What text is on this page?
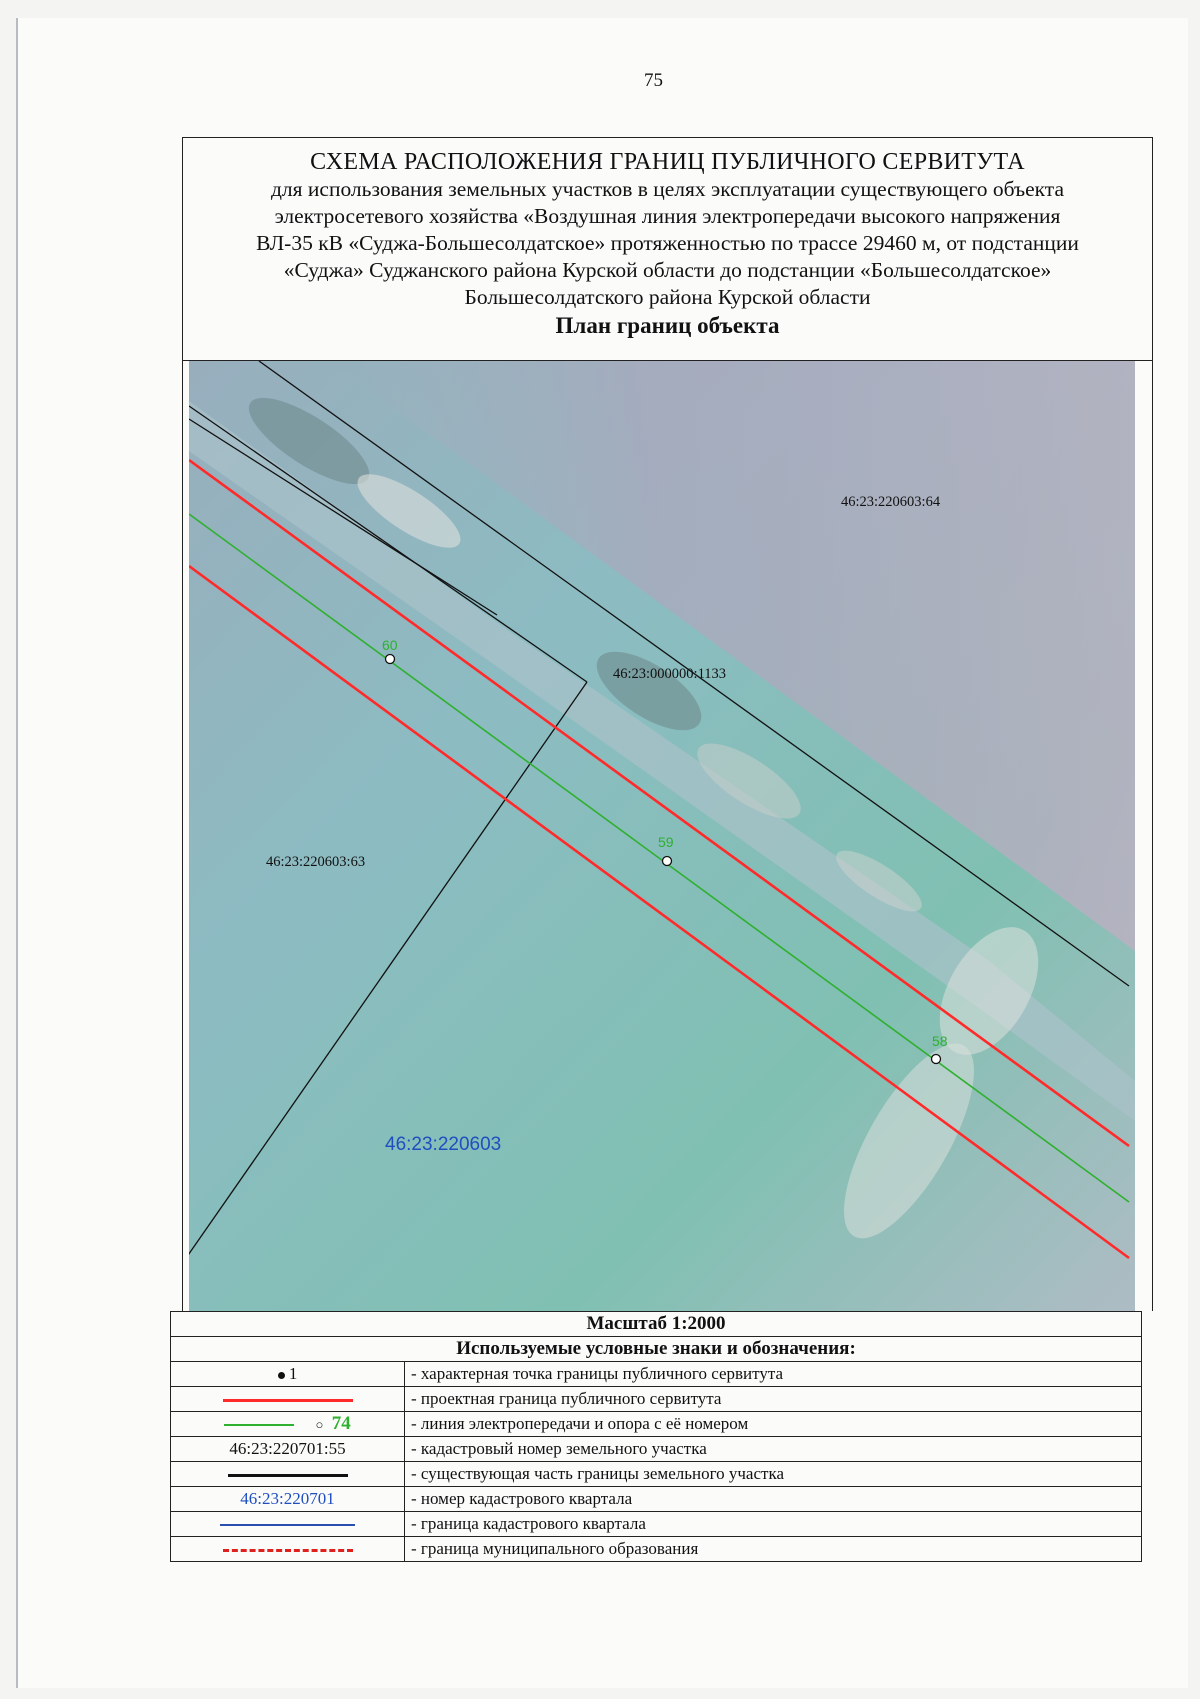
75
СХЕМА РАСПОЛОЖЕНИЯ ГРАНИЦ ПУБЛИЧНОГО СЕРВИТУТА
для использования земельных участков в целях эксплуатации существующего объекта
электросетевого хозяйства «Воздушная линия электропередачи высокого напряжения
ВЛ-35 кВ «Суджа-Большесолдатское» протяженностью по трассе 29460 м, от подстанции
«Суджа» Суджанского района Курской области до подстанции «Большесолдатское»
Большесолдатского района Курской области
План границ объекта
60
59
58
46:23:220603:64
46:23:000000:1133
46:23:220603:63
46:23:220603
Масштаб 1:2000	
Используемые условные знаки и обозначения:	
1	- характерная точка границы публичного сервитута
	- проектная граница публичного сервитута
○ 74	- линия электропередачи и опора с её номером
46:23:220701:55	- кадастровый номер земельного участка
	- существующая часть границы земельного участка
46:23:220701	- номер кадастрового квартала
	- граница кадастрового квартала
	- граница муниципального образования
